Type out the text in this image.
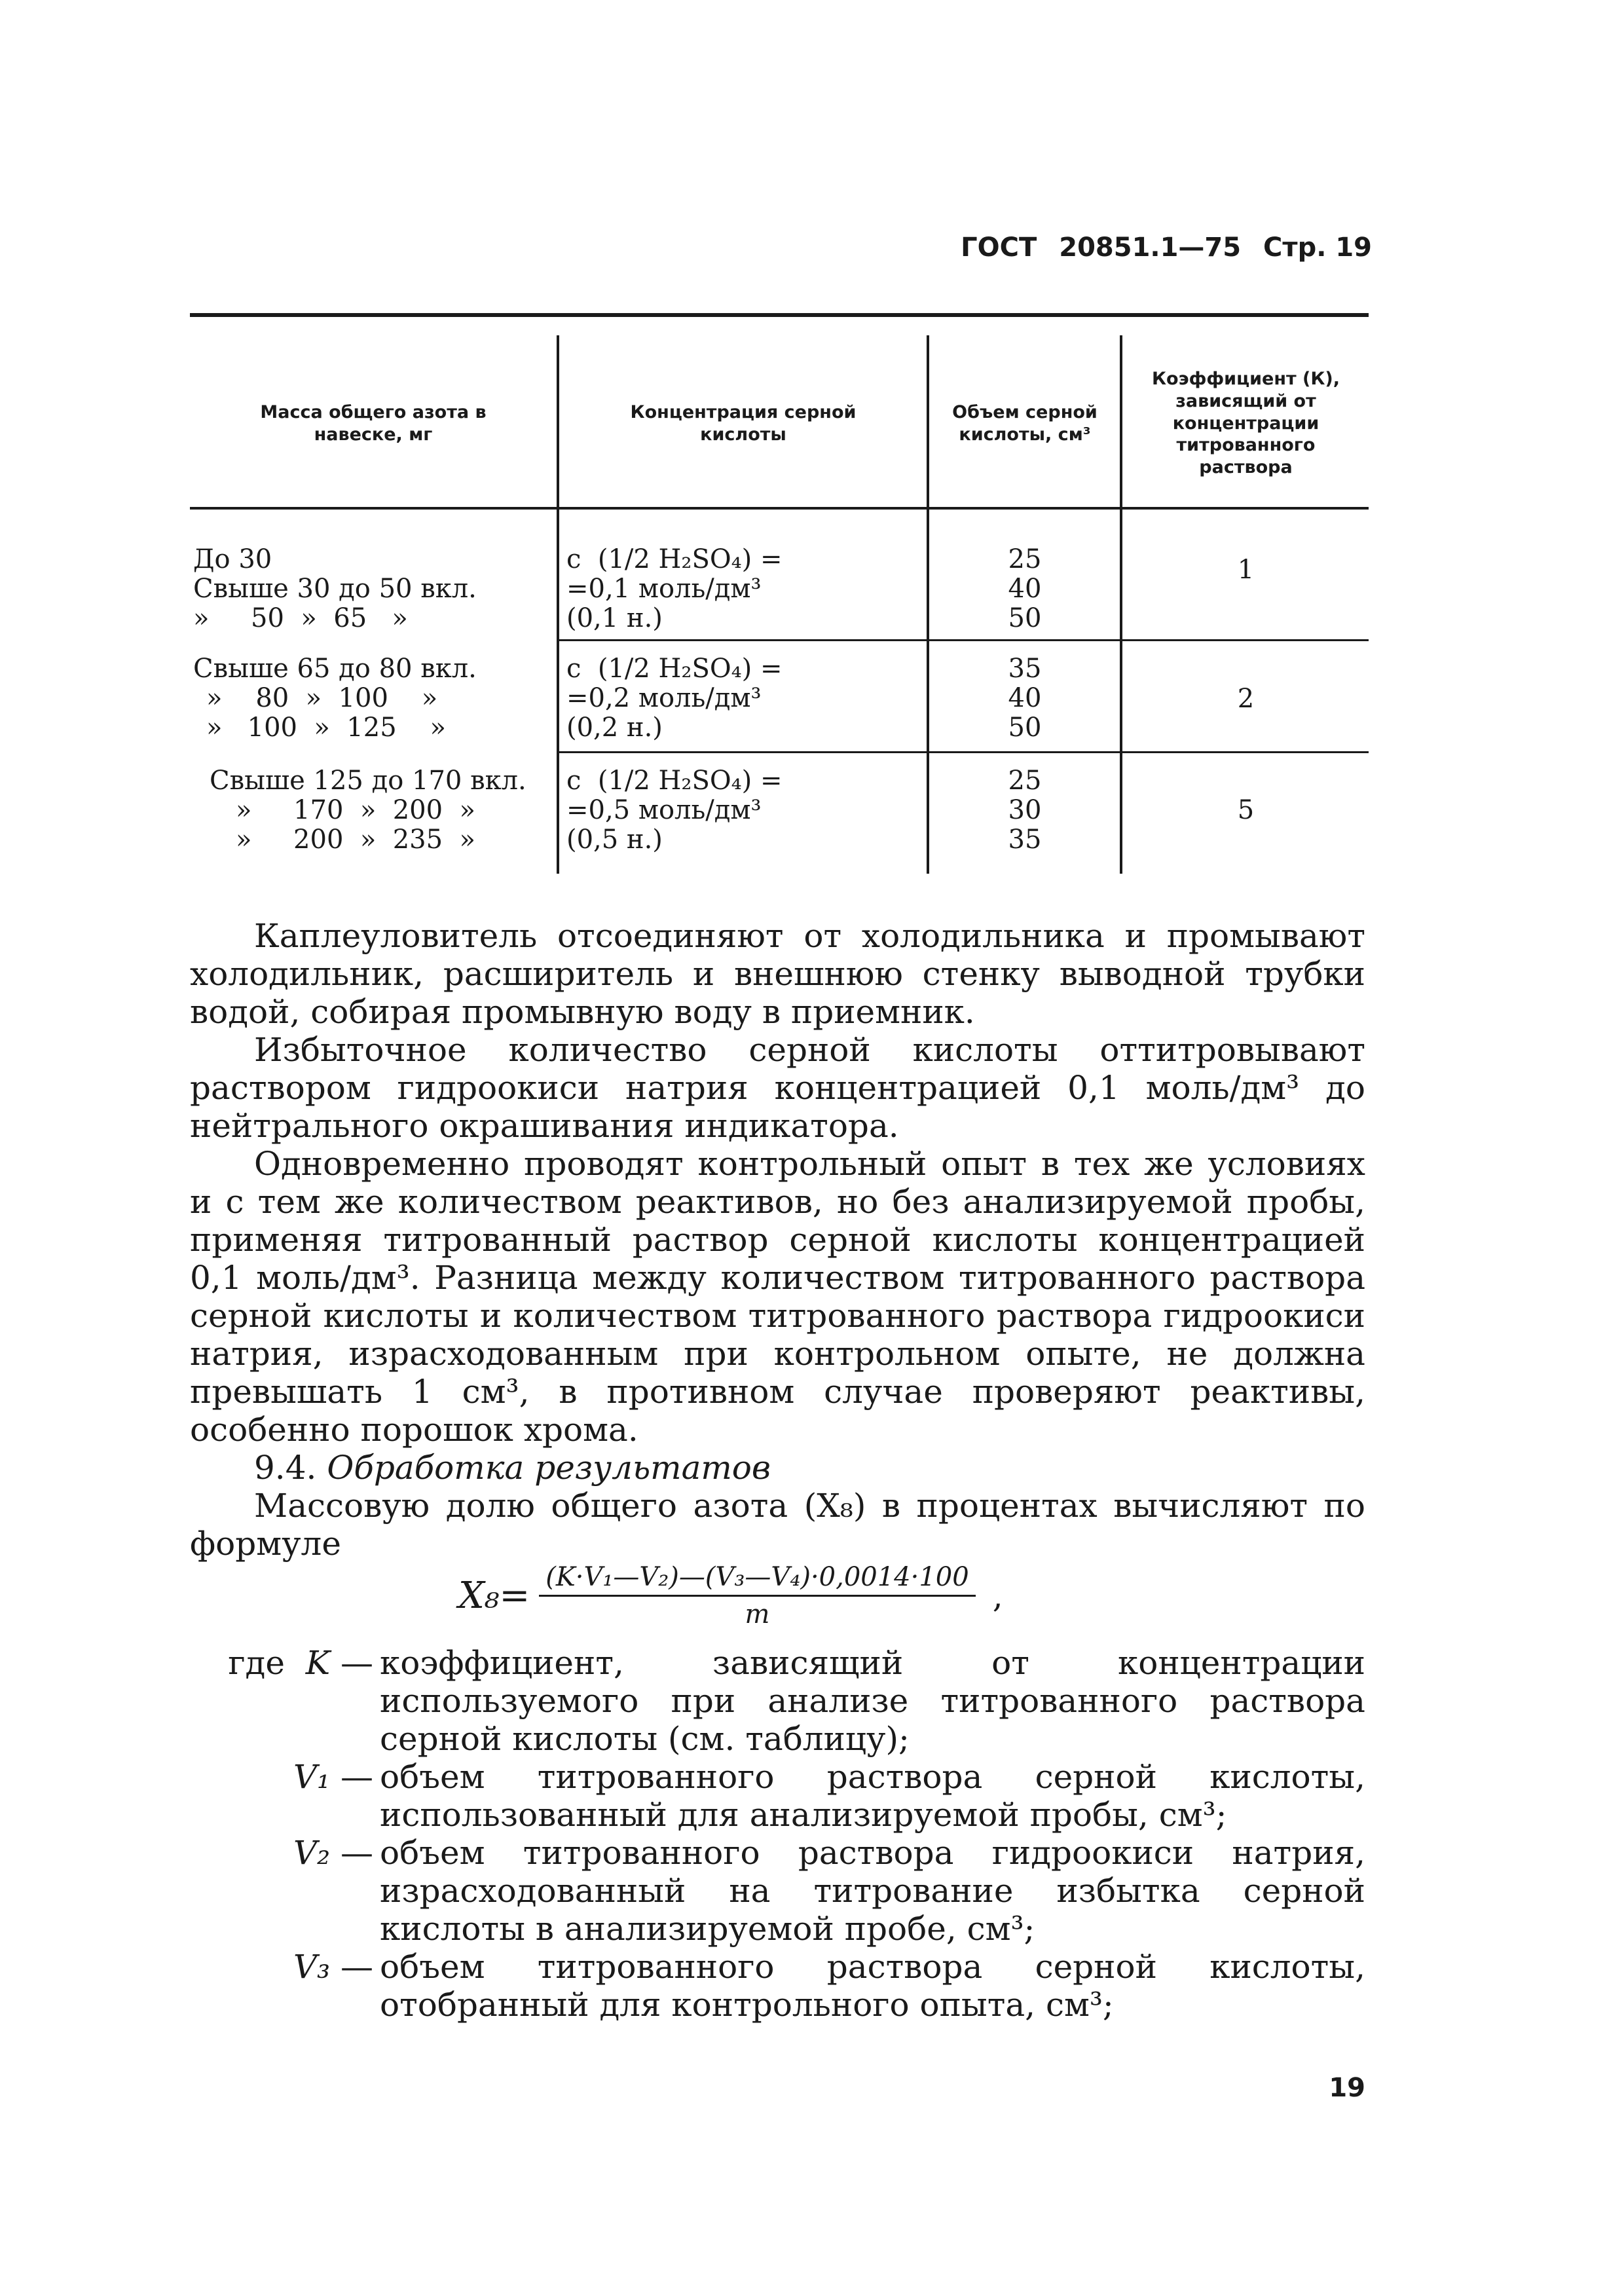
ГОСТ 20851.1—75 Стр. 19
Масса общего азота в навеске, мг
Концентрация серной кислоты
Объем серной кислоты, см³
Коэффициент (К), зависящий от концентрации титрованного раствора
До 30
Свыше 30 до 50 вкл.
»     50  »  65   »
с  (1/2 H₂SO₄) =
=0,1 моль/дм³
(0,1 н.)
25
40
50
1
Свыше 65 до 80 вкл.
»    80  »  100    »
»   100  »  125    »
с  (1/2 H₂SO₄) =
=0,2 моль/дм³
(0,2 н.)
35
40
50
2
Свыше 125 до 170 вкл.
»     170  »  200  »
»     200  »  235  »
с  (1/2 H₂SO₄) =
=0,5 моль/дм³
(0,5 н.)
25
30
35
5

Каплеуловитель отсоединяют от холодильника и промывают холодильник, расширитель и внешнюю стенку выводной трубки водой, собирая промывную воду в приемник.

Избыточное количество серной кислоты оттитровывают раствором гидроокиси натрия концентрацией 0,1 моль/дм³ до нейтрального окрашивания индикатора.

Одновременно проводят контрольный опыт в тех же условиях и с тем же количеством реактивов, но без анализируемой пробы, применяя титрованный раствор серной кислоты концентрацией 0,1 моль/дм³. Разница между количеством титрованного раствора серной кислоты и количеством титрованного раствора гидроокиси натрия, израсходованным при контрольном опыте, не должна превышать 1 см³, в противном случае проверяют реактивы, особенно порошок хрома.

9.4. Обработка результатов

Массовую долю общего азота (X₈) в процентах вычисляют по формуле

$X_8= \frac{\text{(K·V₁—V₂)—(V₃—V₄)·0,0014·100}}{m}$ ,
где K — коэффициент, зависящий от концентрации используемого при анализе титрованного раствора серной кислоты (см. таблицу);
V₁ — объем титрованного раствора серной кислоты, использованный для анализируемой пробы, см³;
V₂ — объем титрованного раствора гидроокиси натрия, израсходованный на титрование избытка серной кислоты в анализируемой пробе, см³;
V₃ — объем титрованного раствора серной кислоты, отобранный для контрольного опыта, см³;
19
